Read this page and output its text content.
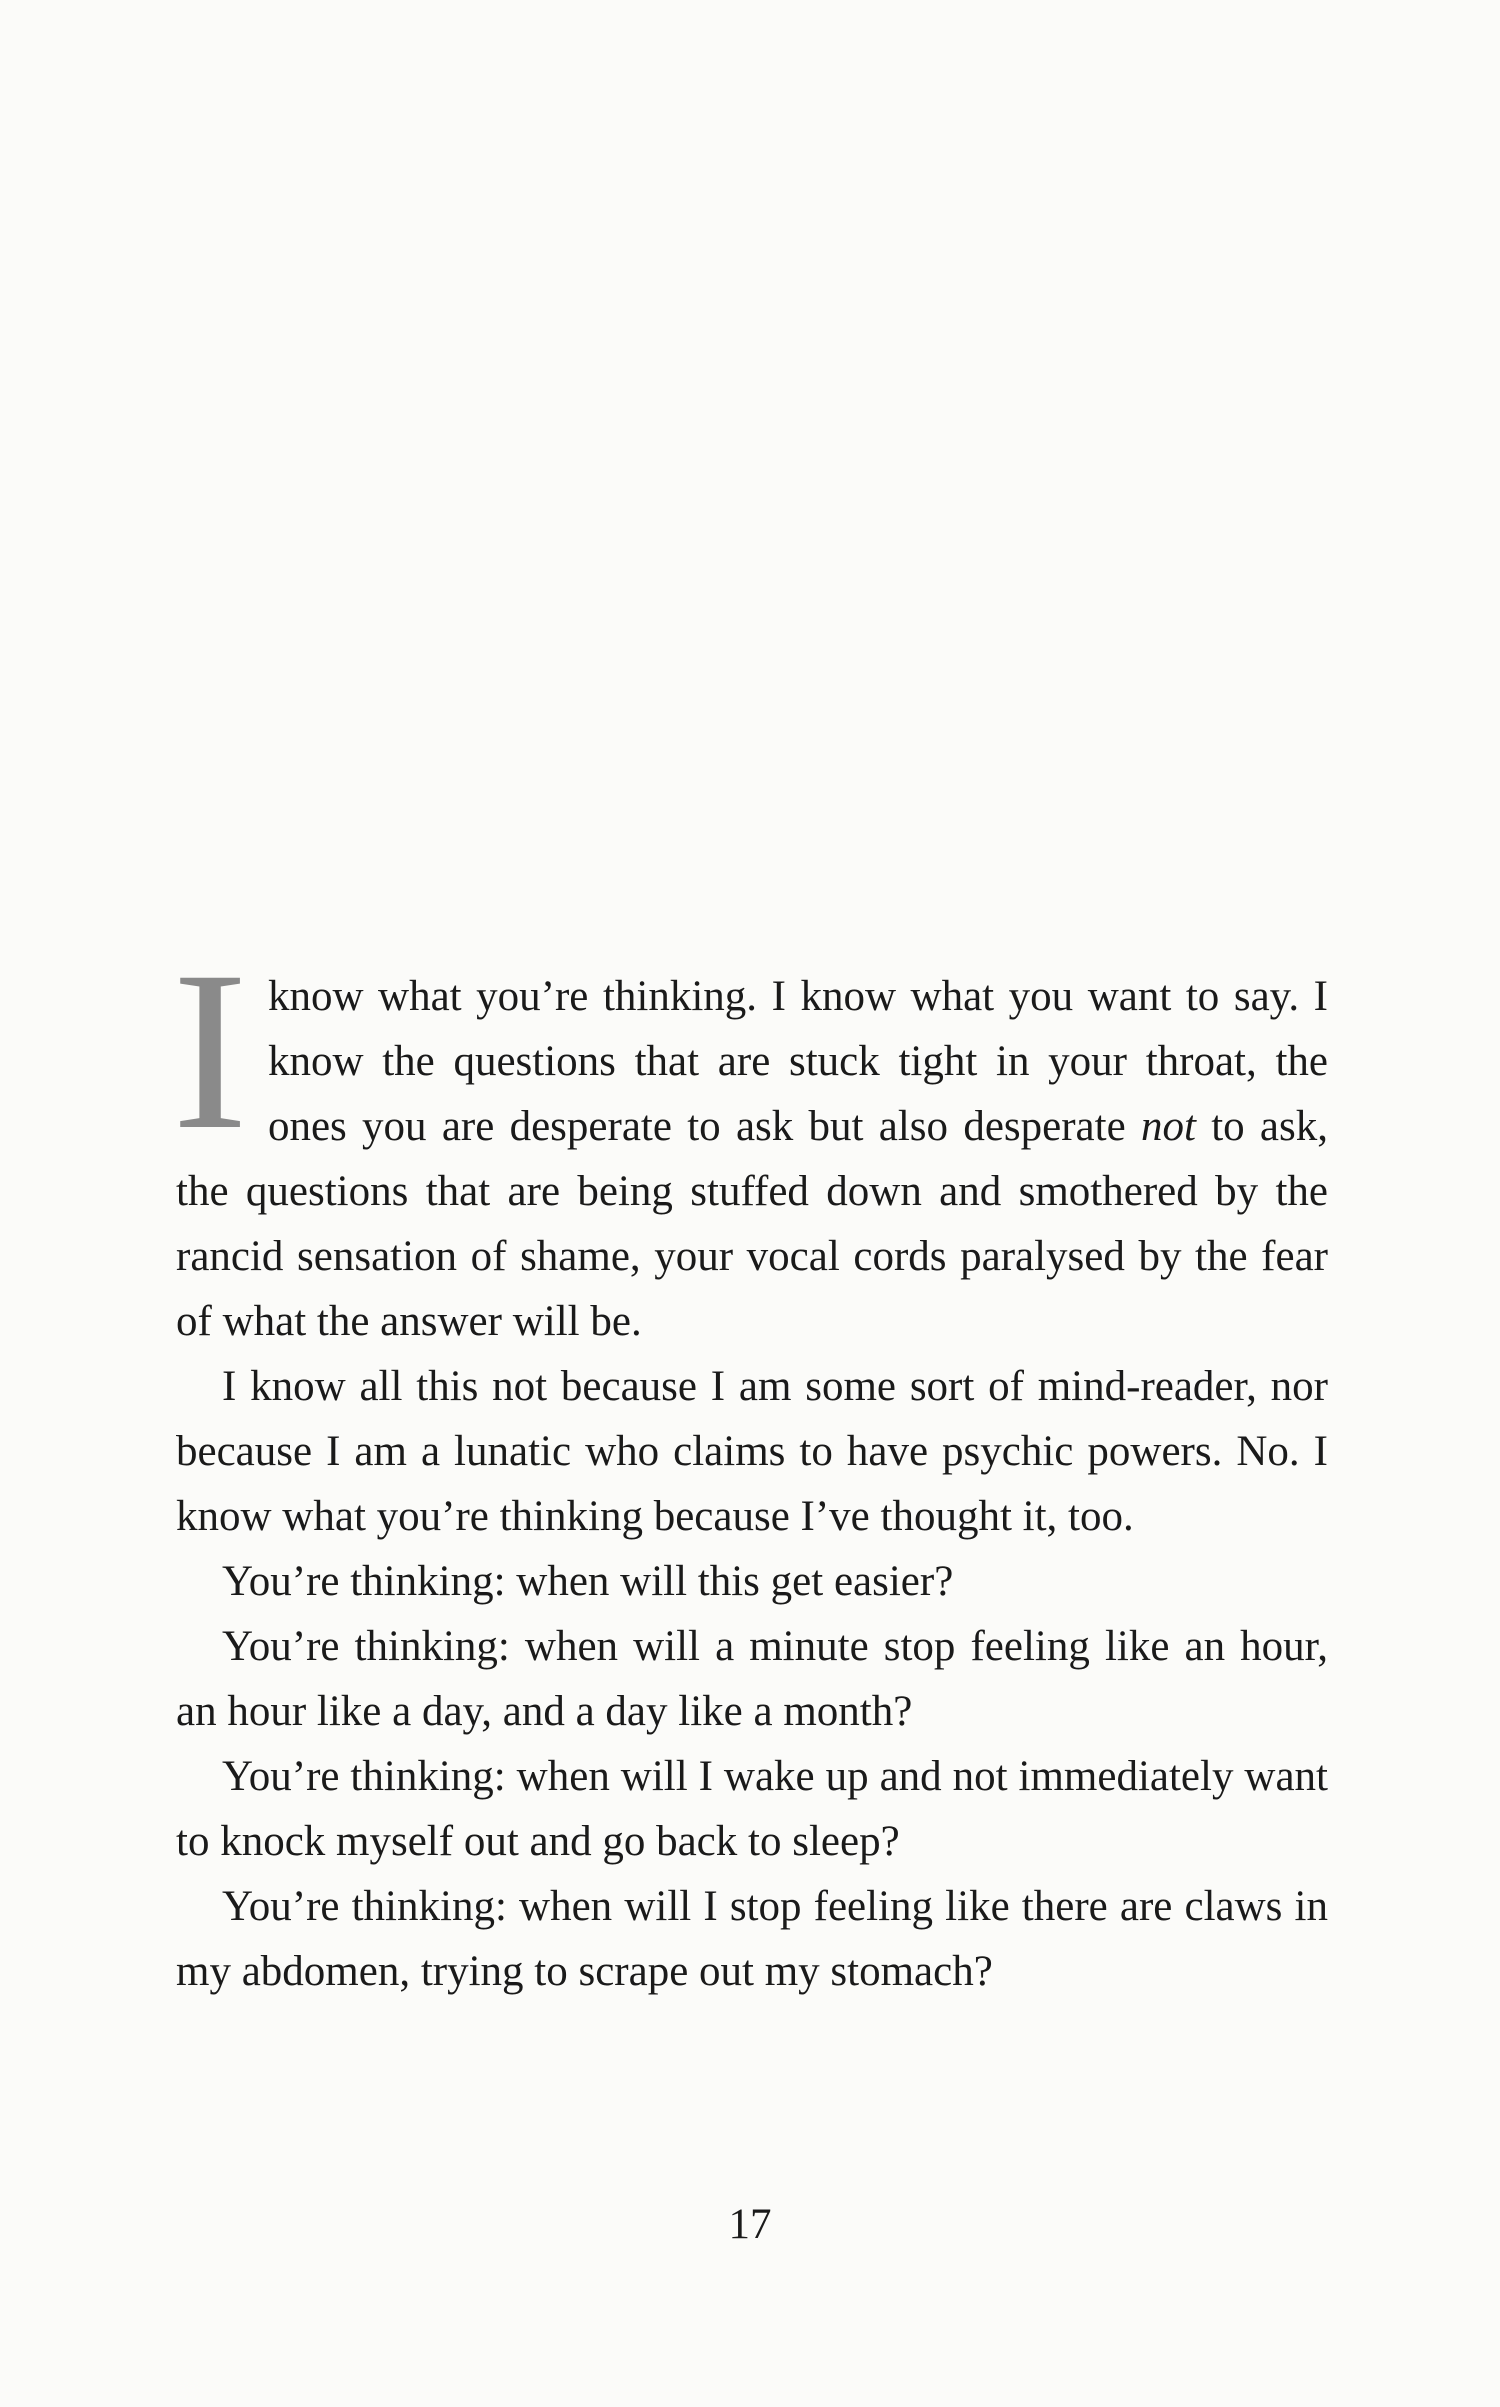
I know what you’re thinking. I know what you want to say. I know the questions that are stuck tight in your throat, the ones you are desperate to ask but also desperate not to ask, the questions that are being stuffed down and smothered by the rancid sensation of shame, your vocal cords paralysed by the fear of what the answer will be.

I know all this not because I am some sort of mind-reader, nor because I am a lunatic who claims to have psychic powers. No. I know what you’re thinking because I’ve thought it, too.

You’re thinking: when will this get easier?

You’re thinking: when will a minute stop feeling like an hour, an hour like a day, and a day like a month?

You’re thinking: when will I wake up and not immediately want to knock myself out and go back to sleep?

You’re thinking: when will I stop feeling like there are claws in my abdomen, trying to scrape out my stomach?

17
